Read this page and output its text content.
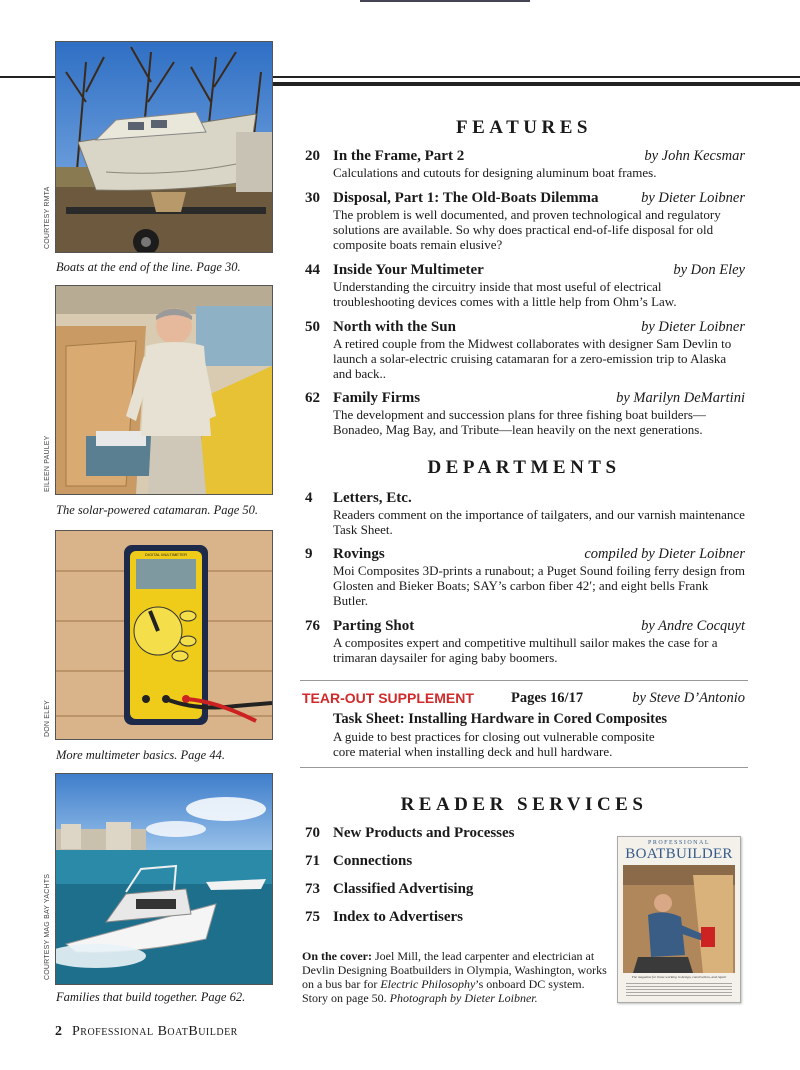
COURTESY RMTA
Boats at the end of the line. Page 30.
EILEEN PAULEY
The solar-powered catamaran. Page 50.
DIGITAL MULTIMETER
DON ELEY
More multimeter basics. Page 44.
COURTESY MAG BAY YACHTS
Families that build together. Page 62.
FEATURES
20 In the Frame, Part 2	by John Kecsmar
Calculations and cutouts for designing aluminum boat frames.
30 Disposal, Part 1: The Old-Boats Dilemma	by Dieter Loibner
The problem is well documented, and proven technological and regulatory solutions are available. So why does practical end-of-life disposal for old composite boats remain elusive?
44 Inside Your Multimeter	by Don Eley
Understanding the circuitry inside that most useful of electrical troubleshooting devices comes with a little help from Ohm’s Law.
50 North with the Sun	by Dieter Loibner
A retired couple from the Midwest collaborates with designer Sam Devlin to launch a solar-electric cruising catamaran for a zero-emission trip to Alaska and back..
62 Family Firms	by Marilyn DeMartini
The development and succession plans for three fishing boat builders—Bonadeo, Mag Bay, and Tribute—lean heavily on the next generations.
DEPARTMENTS
4 Letters, Etc.
Readers comment on the importance of tailgaters, and our varnish maintenance Task Sheet.
9 Rovings	compiled by Dieter Loibner
Moi Composites 3D-prints a runabout; a Puget Sound foiling ferry design from Glosten and Bieker Boats; SAY’s carbon fiber 42′; and eight bells Frank Butler.
76 Parting Shot	by Andre Cocquyt
A composites expert and competitive multihull sailor makes the case for a trimaran daysailer for aging baby boomers.
TEAR-OUT SUPPLEMENT	Pages 16/17	by Steve D’Antonio
Task Sheet: Installing Hardware in Cored Composites
A guide to best practices for closing out vulnerable composite core material when installing deck and hull hardware.
READER SERVICES
70 New Products and Processes
71 Connections
73 Classified Advertising
75 Index to Advertisers
On the cover: Joel Mill, the lead carpenter and electrician at Devlin Designing Boatbuilders in Olympia, Washington, works on a bus bar for Electric Philosophy’s onboard DC system. Story on page 50. Photograph by Dieter Loibner.
PROFESSIONAL
BOATBUILDER
The magazine for those working in design, construction, and repair
2 Professional BoatBuilder
